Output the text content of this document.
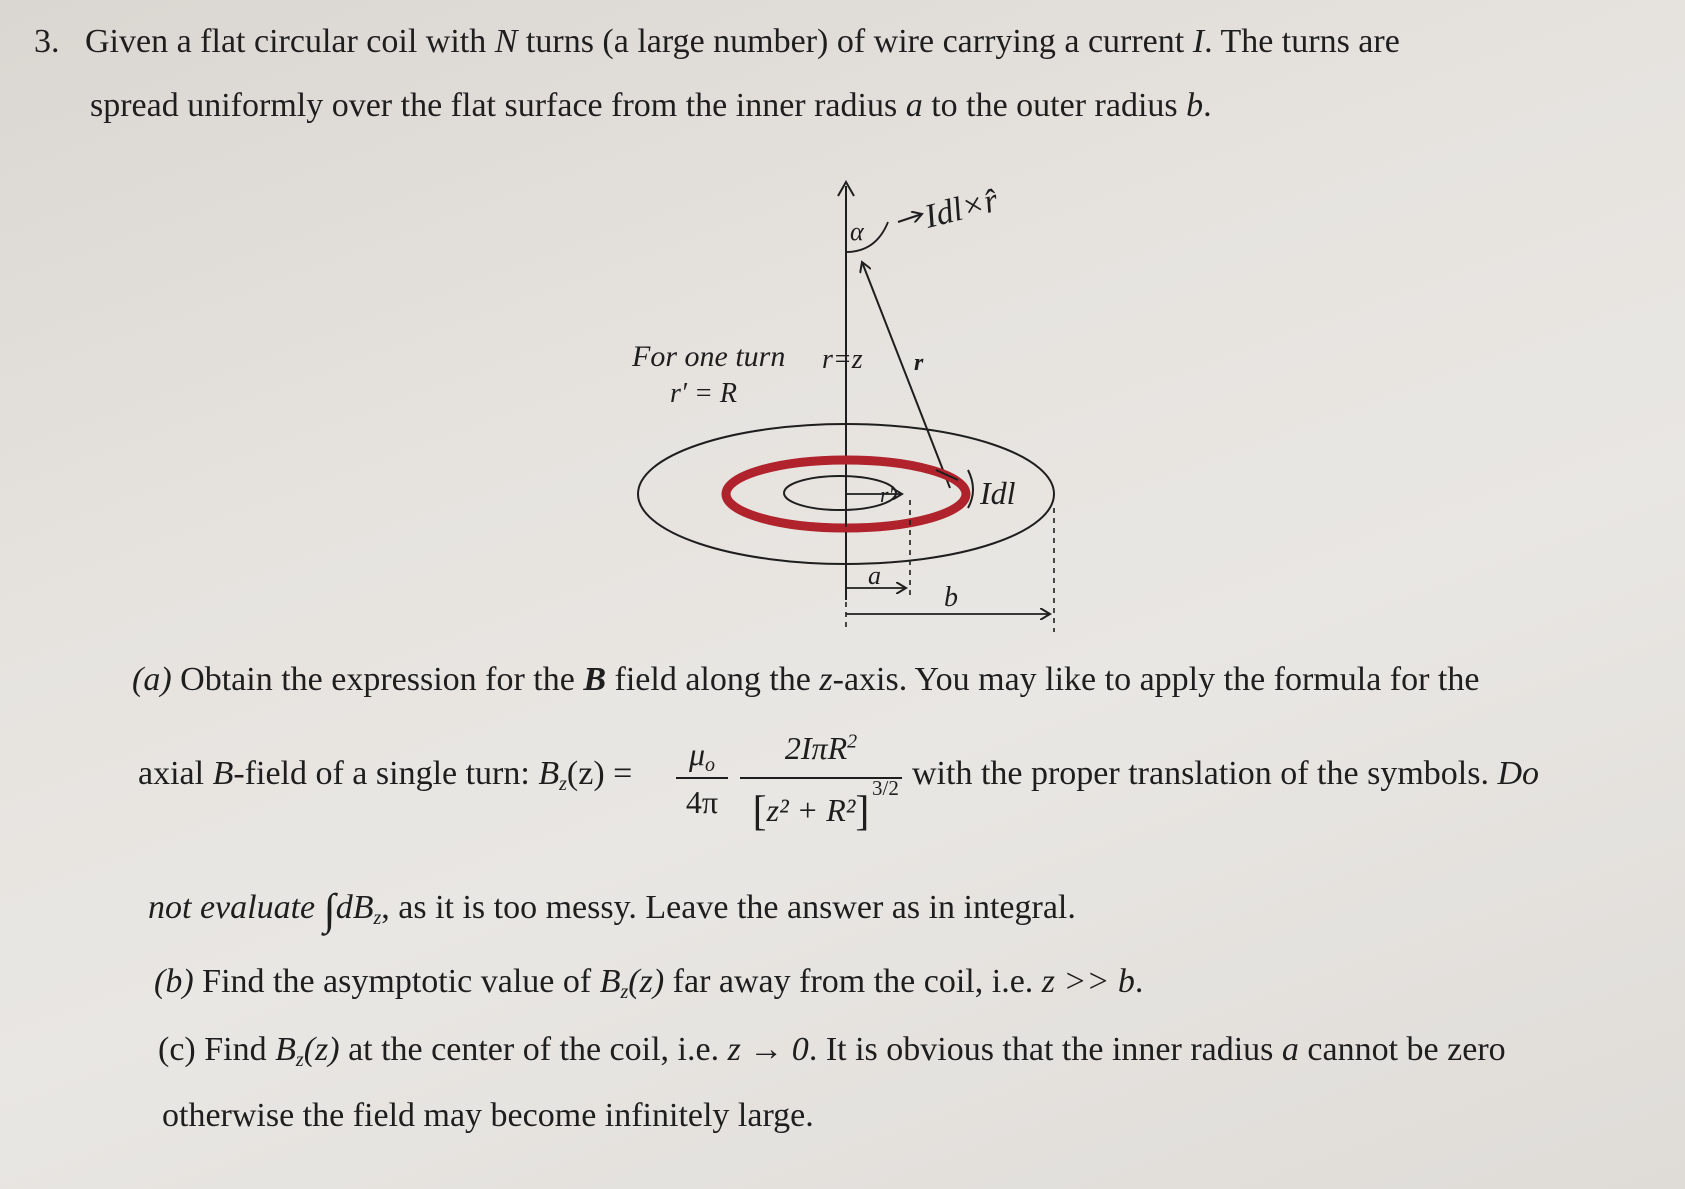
3. Given a flat circular coil with N turns (a large number) of wire carrying a current I. The turns are
spread uniformly over the flat surface from the inner radius a to the outer radius b.
α Idl×r̂
r
For one turn
r′ = R
r=z
r′	Idl
a
b
(a) Obtain the expression for the B field along the z-axis. You may like to apply the formula for the
axial B-field of a single turn: $B_z(z)$ =
$\mu_o$
4π
2IπR$^2$
[z² + R²]
3/2 with the proper translation of the symbols. Do
not evaluate $\int dB_z$, as it is too messy. Leave the answer as in integral.
(b) Find the asymptotic value of $B_z(z)$ far away from the coil, i.e. z >> b.
(c) Find $B_z(z)$ at the center of the coil, i.e. z → 0. It is obvious that the inner radius a cannot be zero
otherwise the field may become infinitely large.
